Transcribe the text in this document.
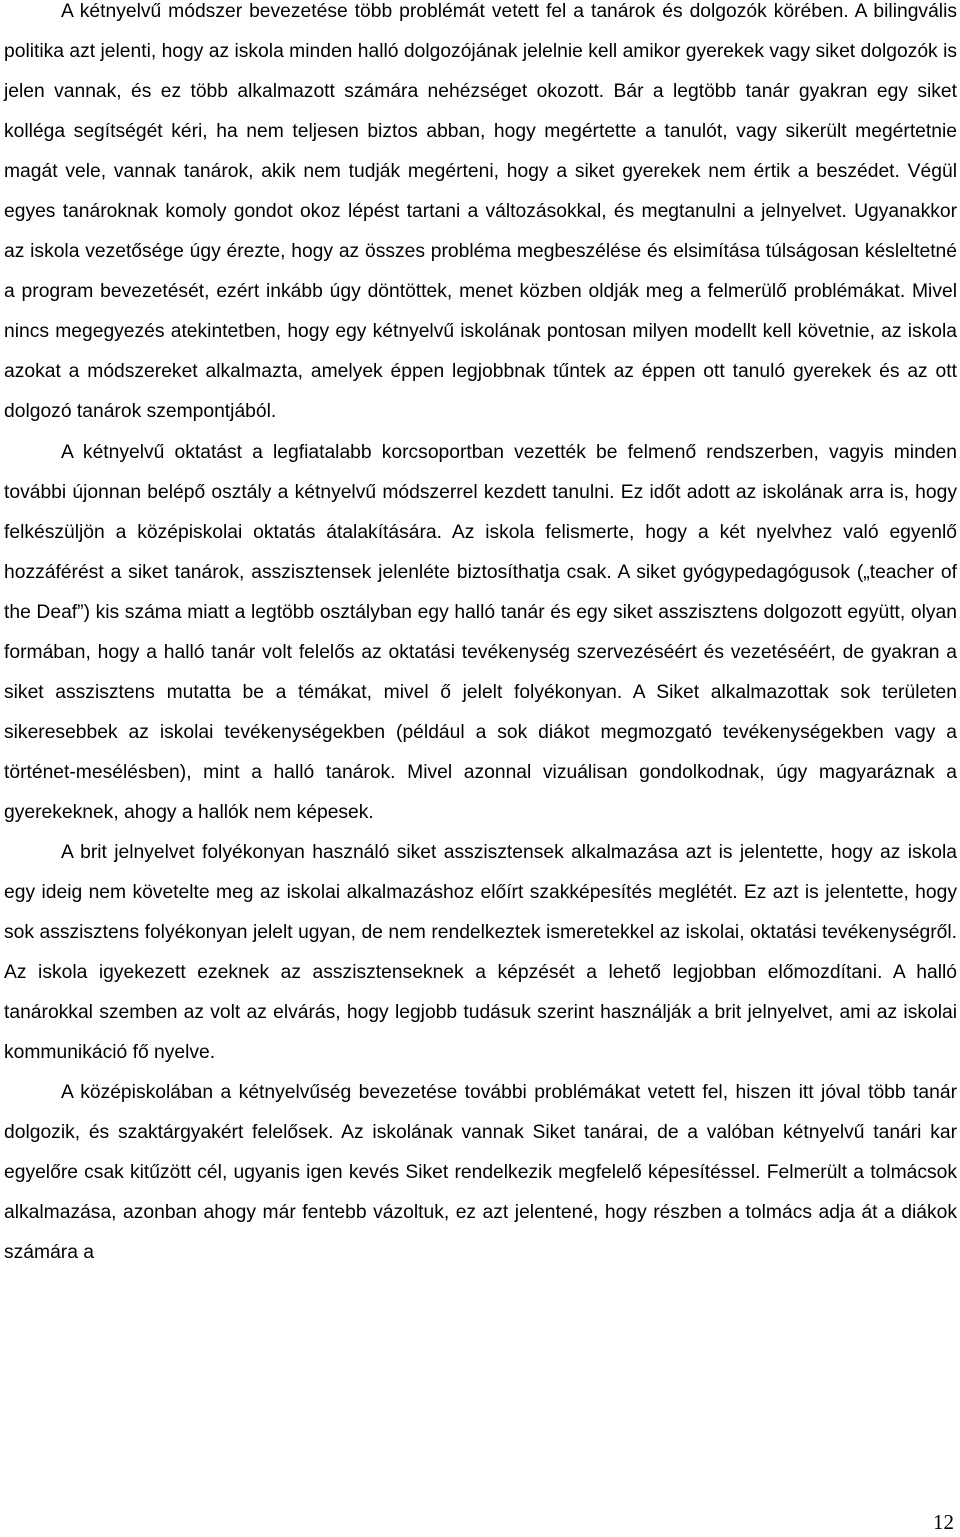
A kétnyelvű módszer bevezetése több problémát vetett fel a tanárok és dolgozók körében. A bilingvális politika azt jelenti, hogy az iskola minden halló dolgozójának jelelnie kell amikor gyerekek vagy siket dolgozók is jelen vannak, és ez több alkalmazott számára nehézséget okozott. Bár a legtöbb tanár gyakran egy siket kolléga segítségét kéri, ha nem teljesen biztos abban, hogy megértette a tanulót, vagy sikerült megértetnie magát vele, vannak tanárok, akik nem tudják megérteni, hogy a siket gyerekek nem értik a beszédet. Végül egyes tanároknak komoly gondot okoz lépést tartani a változásokkal, és megtanulni a jelnyelvet. Ugyanakkor az iskola vezetősége úgy érezte, hogy az összes probléma megbeszélése és elsimítása túlságosan késleltetné a program bevezetését, ezért inkább úgy döntöttek, menet közben oldják meg a felmerülő problémákat. Mivel nincs megegyezés atekintetben, hogy egy kétnyelvű iskolának pontosan milyen modellt kell követnie, az iskola azokat a módszereket alkalmazta, amelyek éppen legjobbnak tűntek az éppen ott tanuló gyerekek és az ott dolgozó tanárok szempontjából.

A kétnyelvű oktatást a legfiatalabb korcsoportban vezették be felmenő rendszerben, vagyis minden további újonnan belépő osztály a kétnyelvű módszerrel kezdett tanulni. Ez időt adott az iskolának arra is, hogy felkészüljön a középiskolai oktatás átalakítására. Az iskola felismerte, hogy a két nyelvhez való egyenlő hozzáférést a siket tanárok, asszisztensek jelenléte biztosíthatja csak. A siket gyógypedagógusok („teacher of the Deaf”) kis száma miatt a legtöbb osztályban egy halló tanár és egy siket asszisztens dolgozott együtt, olyan formában, hogy a halló tanár volt felelős az oktatási tevékenység szervezéséért és vezetéséért, de gyakran a siket asszisztens mutatta be a témákat, mivel ő jelelt folyékonyan. A Siket alkalmazottak sok területen sikeresebbek az iskolai tevékenységekben (például a sok diákot megmozgató tevékenységekben vagy a történet-mesélésben), mint a halló tanárok. Mivel azonnal vizuálisan gondolkodnak, úgy magyaráznak a gyerekeknek, ahogy a hallók nem képesek.

A brit jelnyelvet folyékonyan használó siket asszisztensek alkalmazása azt is jelentette, hogy az iskola egy ideig nem követelte meg az iskolai alkalmazáshoz előírt szakképesítés meglétét. Ez azt is jelentette, hogy sok asszisztens folyékonyan jelelt ugyan, de nem rendelkeztek ismeretekkel az iskolai, oktatási tevékenységről. Az iskola igyekezett ezeknek az asszisztenseknek a képzését a lehető legjobban előmozdítani. A halló tanárokkal szemben az volt az elvárás, hogy legjobb tudásuk szerint használják a brit jelnyelvet, ami az iskolai kommunikáció fő nyelve.

A középiskolában a kétnyelvűség bevezetése további problémákat vetett fel, hiszen itt jóval több tanár dolgozik, és szaktárgyakért felelősek. Az iskolának vannak Siket tanárai, de a valóban kétnyelvű tanári kar egyelőre csak kitűzött cél, ugyanis igen kevés Siket rendelkezik megfelelő képesítéssel. Felmerült a tolmácsok alkalmazása, azonban ahogy már fentebb vázoltuk, ez azt jelentené, hogy részben a tolmács adja át a diákok számára a

12
